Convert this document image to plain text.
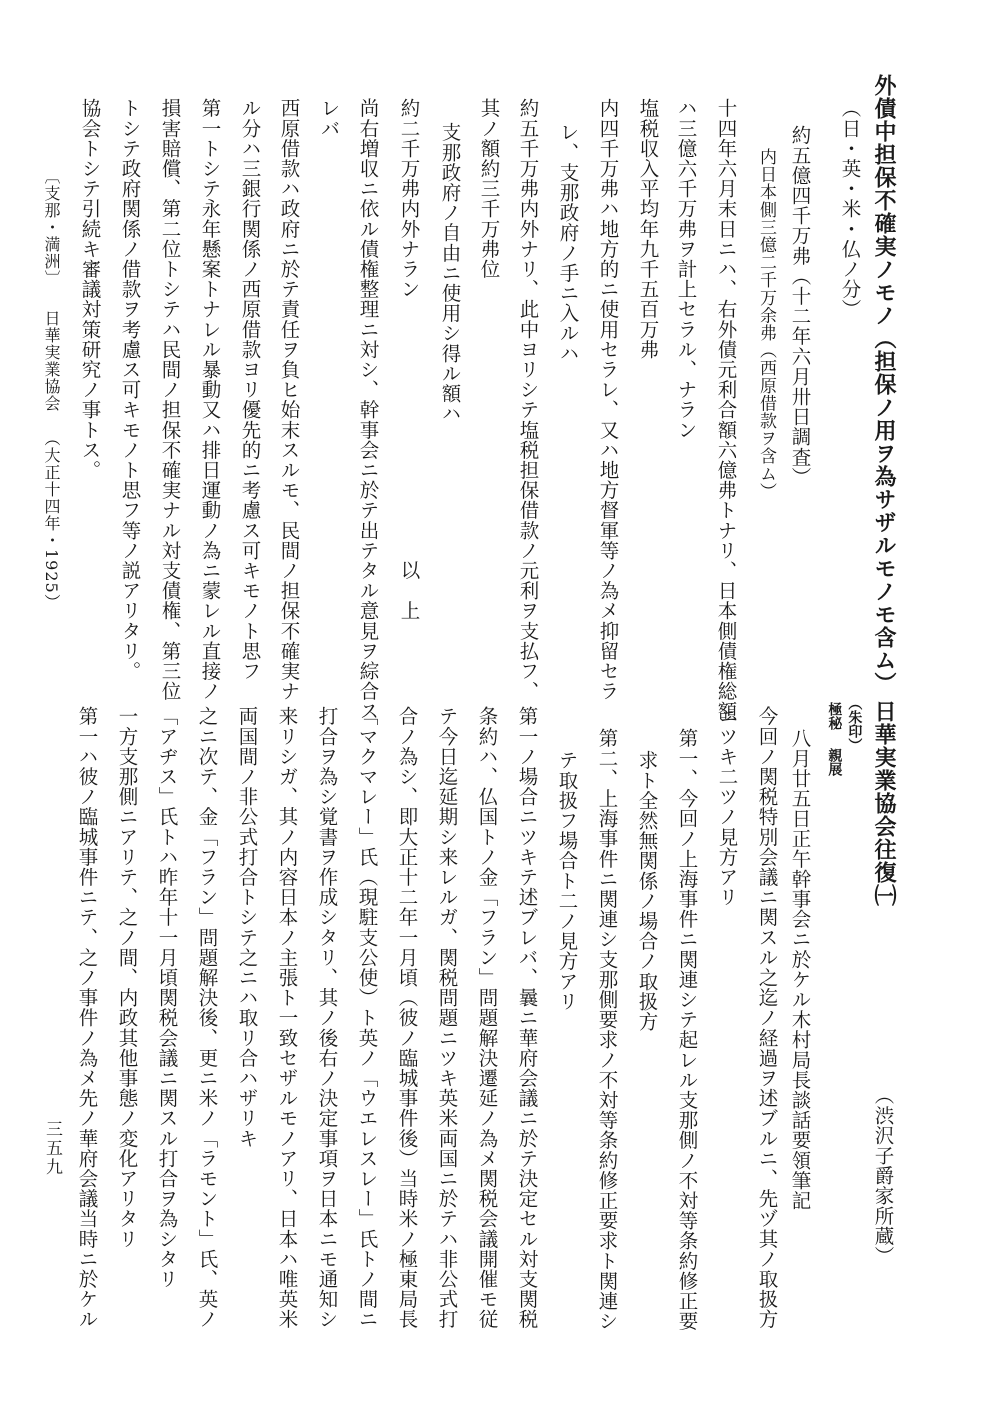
外債中担保不確実ノモノ（担保ノ用ヲ為サザルモノモ含ム）
（日・英・米・仏ノ分）
約五億四千万弗（十二年六月卅日調査）
内日本側三億二千万余弗（西原借款ヲ含ム）
十四年六月末日ニハ、右外債元利合額六億弗トナリ、日本側債権総額
ハ三億六千万弗ヲ計上セラル、ナラン
塩税収入平均年九千五百万弗
内四千万弗ハ地方的ニ使用セラレ、又ハ地方督軍等ノ為メ抑留セラ
レ、支那政府ノ手ニ入ルハ
約五千万弗内外ナリ、此中ヨリシテ塩税担保借款ノ元利ヲ支払フ、
其ノ額約三千万弗位
支那政府ノ自由ニ使用シ得ル額ハ
約二千万弗内外ナラン
以　上
尚右増収ニ依ル債権整理ニ対シ、幹事会ニ於テ出テタル意見ヲ綜合ス
レバ
西原借款ハ政府ニ於テ責任ヲ負ヒ始末スルモ、民間ノ担保不確実ナ
ル分ハ三銀行関係ノ西原借款ヨリ優先的ニ考慮ス可キモノト思フ
第一トシテ永年懸案トナレル暴動又ハ排日運動ノ為ニ蒙レル直接ノ
損害賠償、第二位トシテハ民間ノ担保不確実ナル対支債権、第三位
トシテ政府関係ノ借款ヲ考慮ス可キモノト思フ等ノ説アリタリ。
協会トシテ引続キ審議対策研究ノ事トス。
〔支那・満洲〕
日華実業協会
（大正十四年・1925）
日華実業協会往復㈠
（渋沢子爵家所蔵）
（朱印）
極秘
親展
八月廿五日正午幹事会ニ於ケル木村局長談話要領筆記
今回ノ関税特別会議ニ関スル之迄ノ経過ヲ述ブルニ、先ヅ其ノ取扱方
ニツキ二ツノ見方アリ
第一、今回ノ上海事件ニ関連シテ起レル支那側ノ不対等条約修正要
求ト全然無関係ノ場合ノ取扱方
第二、上海事件ニ関連シ支那側要求ノ不対等条約修正要求ト関連シ
テ取扱フ場合ト二ノ見方アリ
第一ノ場合ニツキテ述ブレバ、曩ニ華府会議ニ於テ決定セル対支関税
条約ハ、仏国トノ金「フラン」問題解決遷延ノ為メ関税会議開催モ従
テ今日迄延期シ来レルガ、関税問題ニツキ英米両国ニ於テハ非公式打
合ノ為シ、即大正十二年一月頃（彼ノ臨城事件後）当時米ノ極東局長
「マクマレー」氏（現駐支公使）ト英ノ「ウエレスレー」氏トノ間ニ
打合ヲ為シ覚書ヲ作成シタリ、其ノ後右ノ決定事項ヲ日本ニモ通知シ
来リシガ、其ノ内容日本ノ主張ト一致セザルモノアリ、日本ハ唯英米
両国間ノ非公式打合トシテ之ニハ取リ合ハザリキ
之ニ次テ、金「フラン」問題解決後、更ニ米ノ「ラモント」氏、英ノ
「アヂス」氏トハ昨年十一月頃関税会議ニ関スル打合ヲ為シタリ
一方支那側ニアリテ、之ノ間、内政其他事態ノ変化アリタリ
第一ハ彼ノ臨城事件ニテ、之ノ事件ノ為メ先ノ華府会議当時ニ於ケル
三五九
